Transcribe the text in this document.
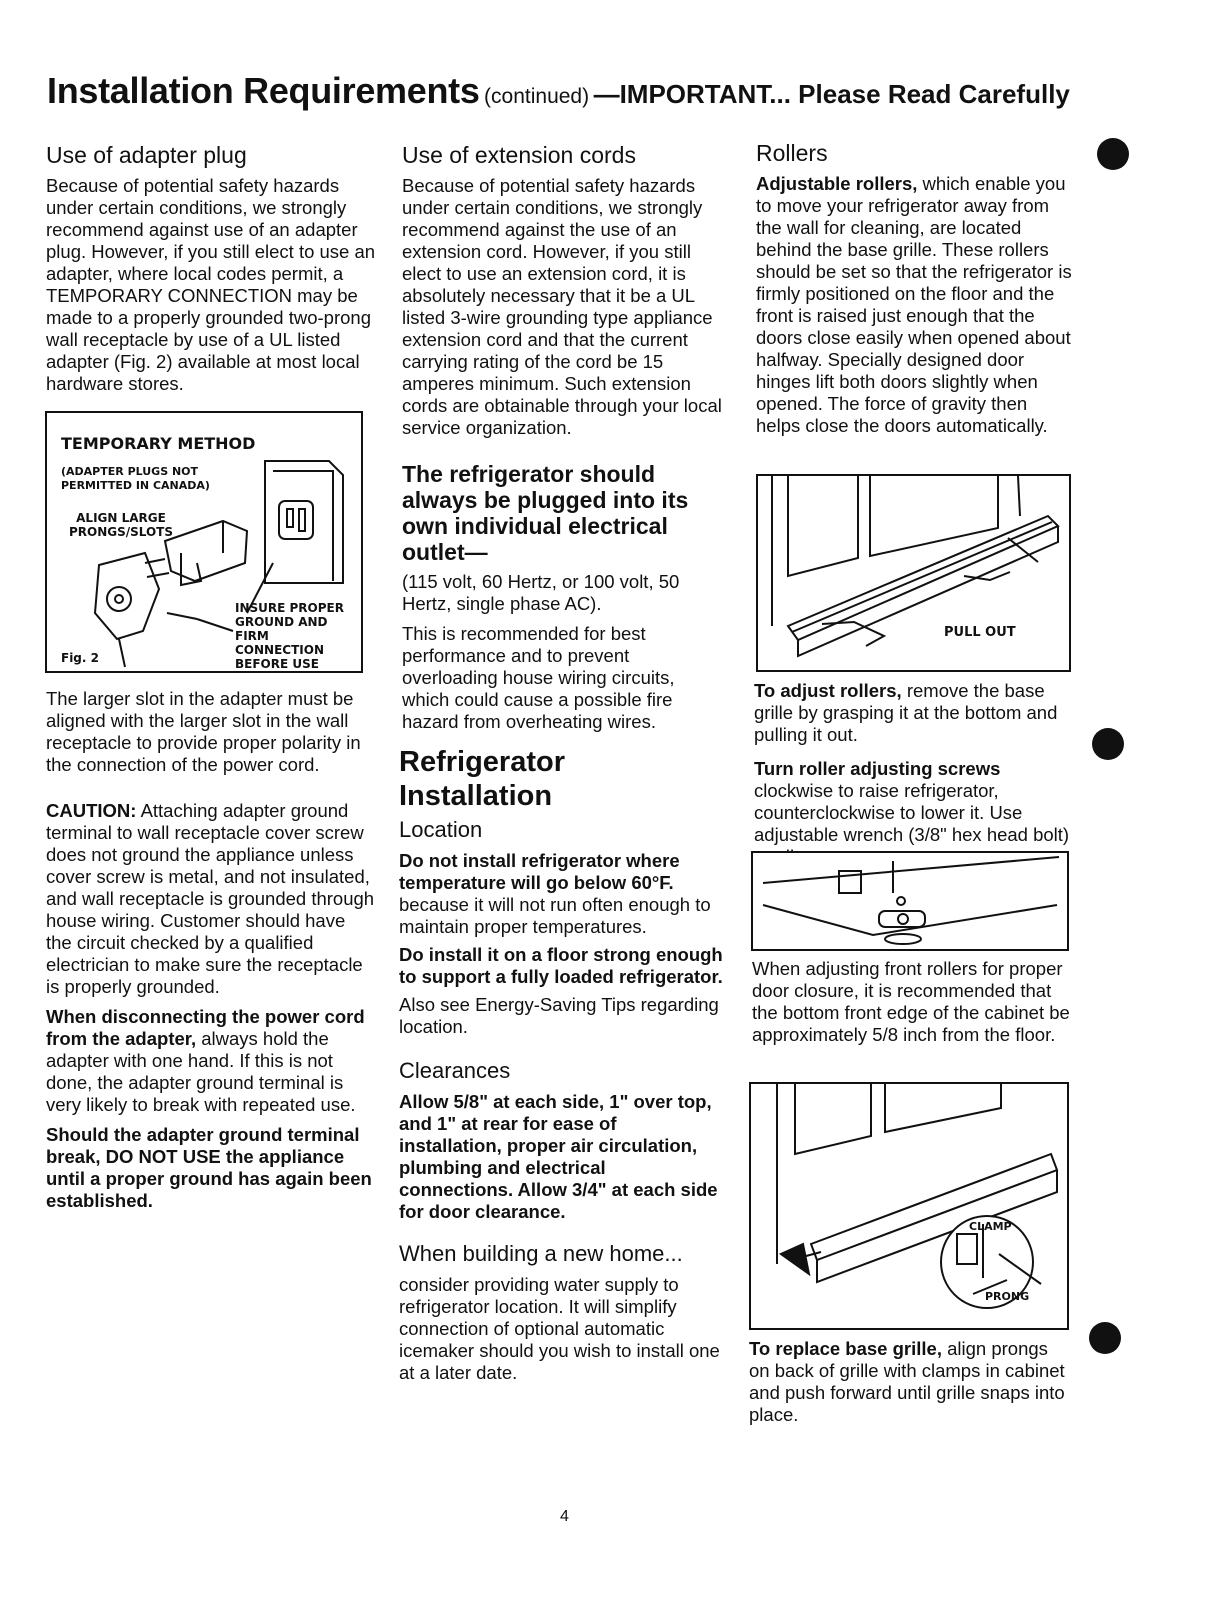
Installation Requirements (continued) —IMPORTANT... Please Read Carefully
Use of adapter plug

Because of potential safety hazards under certain conditions, we strongly recommend against use of an adapter plug. However, if you still elect to use an adapter, where local codes permit, a TEMPORARY CONNECTION may be made to a properly grounded two-prong wall receptacle by use of a UL listed adapter (Fig. 2) available at most local hardware stores.

TEMPORARY METHOD
(ADAPTER PLUGS NOT PERMITTED IN CANADA)
ALIGN LARGE PRONGS/SLOTS
INSURE PROPER GROUND AND FIRM CONNECTION BEFORE USE
Fig. 2

The larger slot in the adapter must be aligned with the larger slot in the wall receptacle to provide proper polarity in the connection of the power cord.

CAUTION: Attaching adapter ground terminal to wall receptacle cover screw does not ground the appliance unless cover screw is metal, and not insulated, and wall receptacle is grounded through house wiring. Customer should have the circuit checked by a qualified electrician to make sure the receptacle is properly grounded.

When disconnecting the power cord from the adapter, always hold the adapter with one hand. If this is not done, the adapter ground terminal is very likely to break with repeated use.

Should the adapter ground terminal break, DO NOT USE the appliance until a proper ground has again been established.

Use of extension cords

Because of potential safety hazards under certain conditions, we strongly recommend against the use of an extension cord. However, if you still elect to use an extension cord, it is absolutely necessary that it be a UL listed 3-wire grounding type appliance extension cord and that the current carrying rating of the cord be 15 amperes minimum. Such extension cords are obtainable through your local service organization.

The refrigerator should always be plugged into its own individual electrical outlet—

(115 volt, 60 Hertz, or 100 volt, 50 Hertz, single phase AC).

This is recommended for best performance and to prevent overloading house wiring circuits, which could cause a possible fire hazard from overheating wires.

Refrigerator Installation
Location

Do not install refrigerator where temperature will go below 60°F.

because it will not run often enough to maintain proper temperatures.

Do install it on a floor strong enough to support a fully loaded refrigerator.

Also see Energy-Saving Tips regarding location.

Clearances

Allow 5/8" at each side, 1" over top, and 1" at rear for ease of installation, proper air circulation, plumbing and electrical connections. Allow 3/4" at each side for door clearance.

When building a new home...

consider providing water supply to refrigerator location. It will simplify connection of optional automatic icemaker should you wish to install one at a later date.

Rollers

Adjustable rollers, which enable you to move your refrigerator away from the wall for cleaning, are located behind the base grille. These rollers should be set so that the refrigerator is firmly positioned on the floor and the front is raised just enough that the doors close easily when opened about halfway. Specially designed door hinges lift both doors slightly when opened. The force of gravity then helps close the doors automatically.

PULL OUT

To adjust rollers, remove the base grille by grasping it at the bottom and pulling it out.

Turn roller adjusting screws clockwise to raise refrigerator, counterclockwise to lower it. Use adjustable wrench (3/8" hex head bolt)

When adjusting front rollers for proper door closure, it is recommended that the bottom front edge of the cabinet be approximately 5/8 inch from the floor.

CLAMP
PRONG

To replace base grille, align prongs on back of grille with clamps in cabinet and push forward until grille snaps into place.

4
